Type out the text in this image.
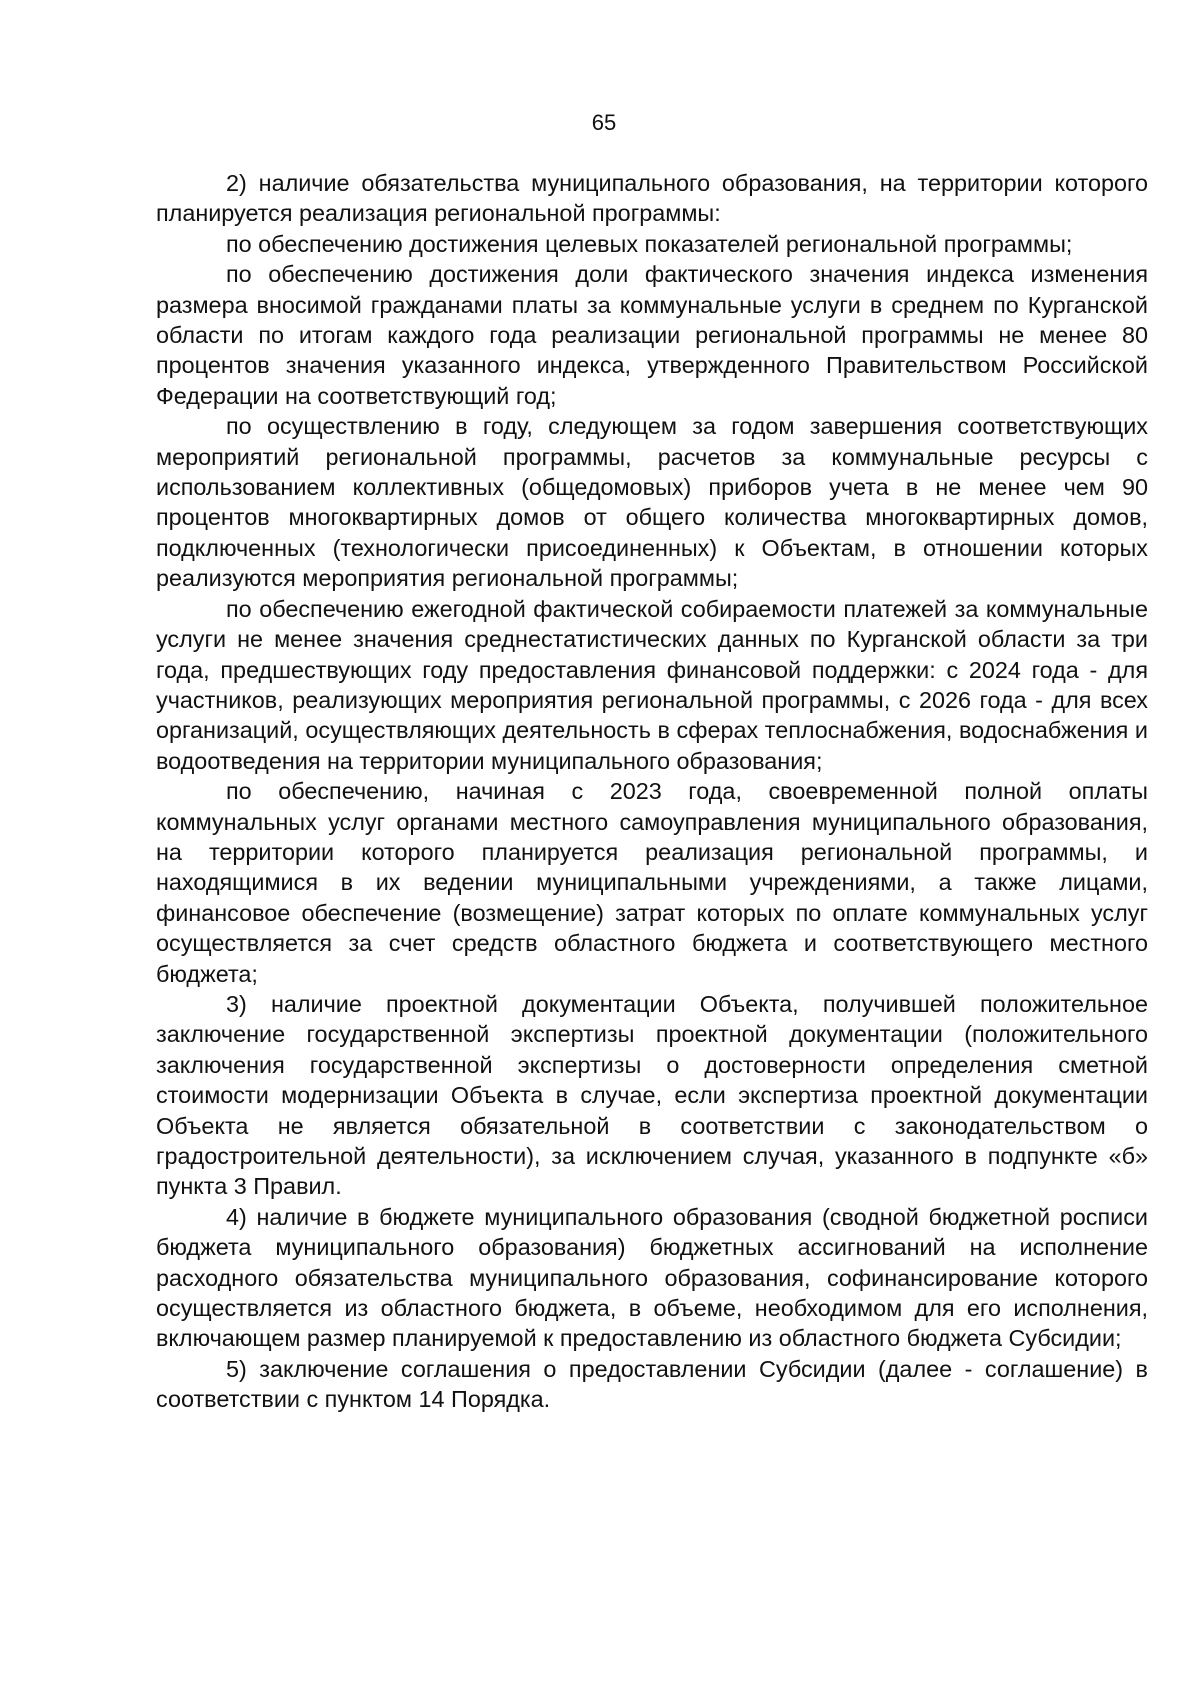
65

2) наличие обязательства муниципального образования, на территории которого планируется реализация региональной программы:

по обеспечению достижения целевых показателей региональной программы;

по обеспечению достижения доли фактического значения индекса изменения размера вносимой гражданами платы за коммунальные услуги в среднем по Курганской области по итогам каждого года реализации региональной программы не менее 80 процентов значения указанного индекса, утвержденного Правительством Российской Федерации на соответствующий год;

по осуществлению в году, следующем за годом завершения соответствующих мероприятий региональной программы, расчетов за коммунальные ресурсы с использованием коллективных (общедомовых) приборов учета в не менее чем 90 процентов многоквартирных домов от общего количества многоквартирных домов, подключенных (технологически присоединенных) к Объектам, в отношении которых реализуются мероприятия региональной программы;

по обеспечению ежегодной фактической собираемости платежей за коммунальные услуги не менее значения среднестатистических данных по Курганской области за три года, предшествующих году предоставления финансовой поддержки: с 2024 года - для участников, реализующих мероприятия региональной программы, с 2026 года - для всех организаций, осуществляющих деятельность в сферах теплоснабжения, водоснабжения и водоотведения на территории муниципального образования;

по обеспечению, начиная с 2023 года, своевременной полной оплаты коммунальных услуг органами местного самоуправления муниципального образования, на территории которого планируется реализация региональной программы, и находящимися в их ведении муниципальными учреждениями, а также лицами, финансовое обеспечение (возмещение) затрат которых по оплате коммунальных услуг осуществляется за счет средств областного бюджета и соответствующего местного бюджета;

3) наличие проектной документации Объекта, получившей положительное заключение государственной экспертизы проектной документации (положительного заключения государственной экспертизы о достоверности определения сметной стоимости модернизации Объекта в случае, если экспертиза проектной документации Объекта не является обязательной в соответствии с законодательством о градостроительной деятельности), за исключением случая, указанного в подпункте «б» пункта 3 Правил.

4) наличие в бюджете муниципального образования (сводной бюджетной росписи бюджета муниципального образования) бюджетных ассигнований на исполнение расходного обязательства муниципального образования, софинансирование которого осуществляется из областного бюджета, в объеме, необходимом для его исполнения, включающем размер планируемой к предоставлению из областного бюджета Субсидии;

5) заключение соглашения о предоставлении Субсидии (далее - соглашение) в соответствии с пунктом 14 Порядка.
